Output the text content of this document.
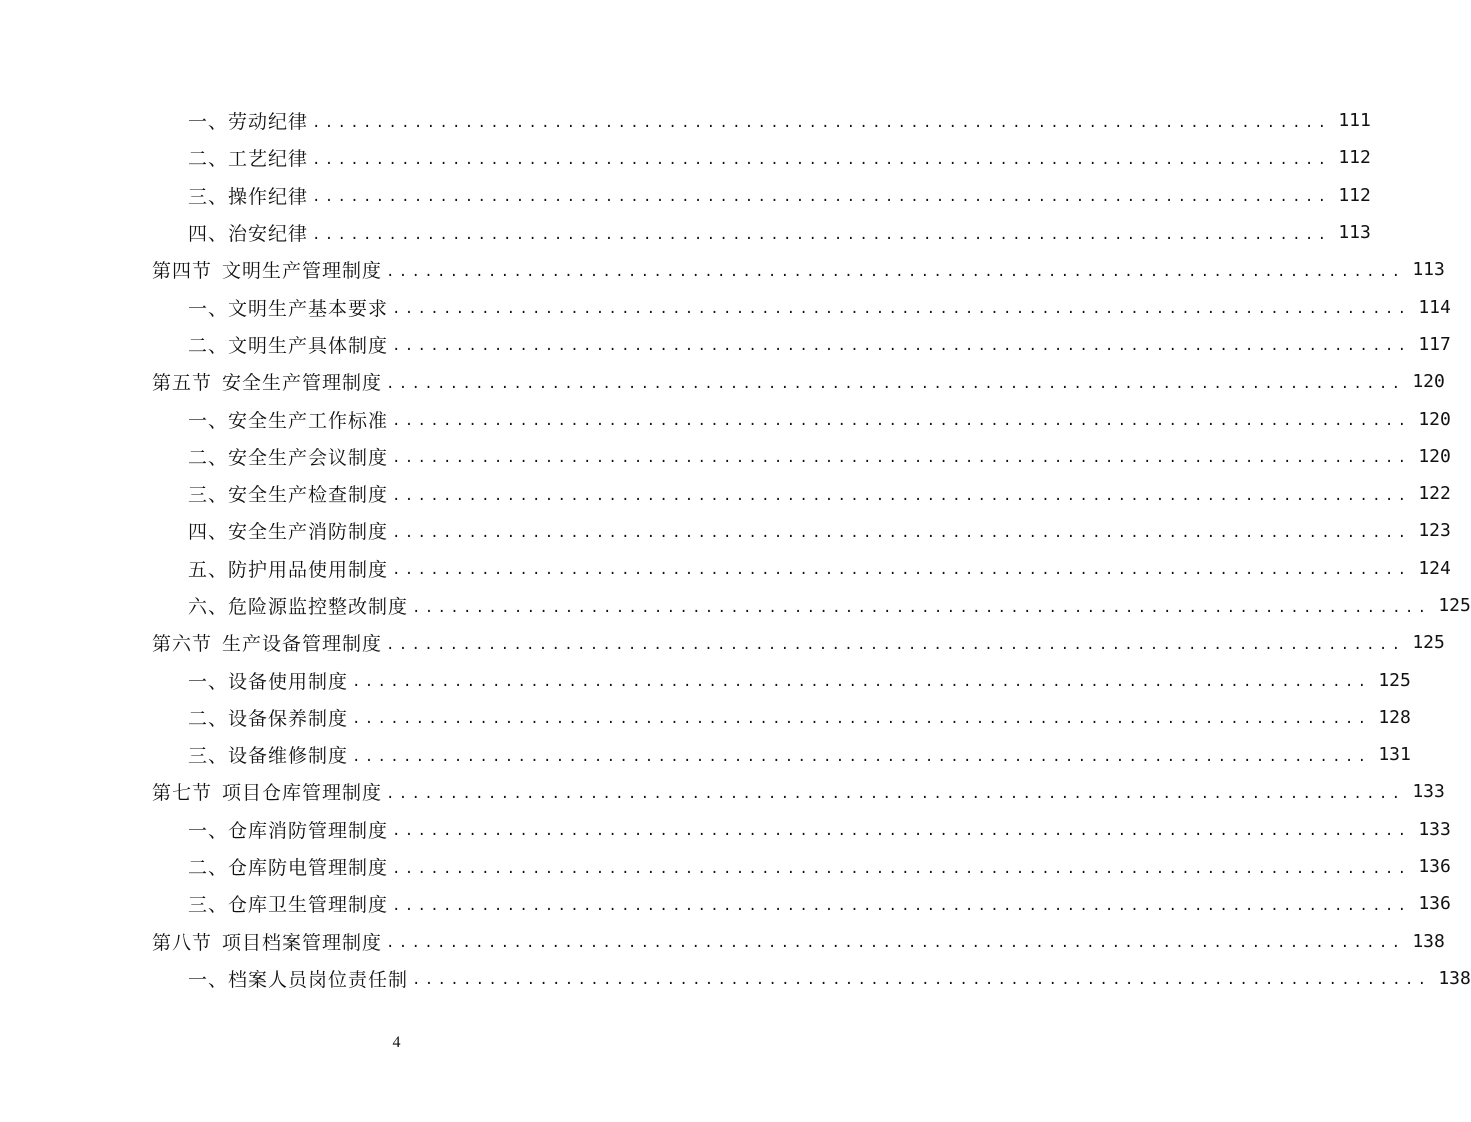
一、劳动纪律 ................................................................................ 111
二、工艺纪律 ................................................................................ 112
三、操作纪律 ................................................................................ 112
四、治安纪律 ................................................................................ 113
第四节 文明生产管理制度 ................................................................................ 113
一、文明生产基本要求 ................................................................................ 114
二、文明生产具体制度 ................................................................................ 117
第五节 安全生产管理制度 ................................................................................ 120
一、安全生产工作标准 ................................................................................ 120
二、安全生产会议制度 ................................................................................ 120
三、安全生产检查制度 ................................................................................ 122
四、安全生产消防制度 ................................................................................ 123
五、防护用品使用制度 ................................................................................ 124
六、危险源监控整改制度 ................................................................................ 125
第六节 生产设备管理制度 ................................................................................ 125
一、设备使用制度 ................................................................................ 125
二、设备保养制度 ................................................................................ 128
三、设备维修制度 ................................................................................ 131
第七节 项目仓库管理制度 ................................................................................ 133
一、仓库消防管理制度 ................................................................................ 133
二、仓库防电管理制度 ................................................................................ 136
三、仓库卫生管理制度 ................................................................................ 136
第八节 项目档案管理制度 ................................................................................ 138
一、档案人员岗位责任制 ................................................................................ 138
4
